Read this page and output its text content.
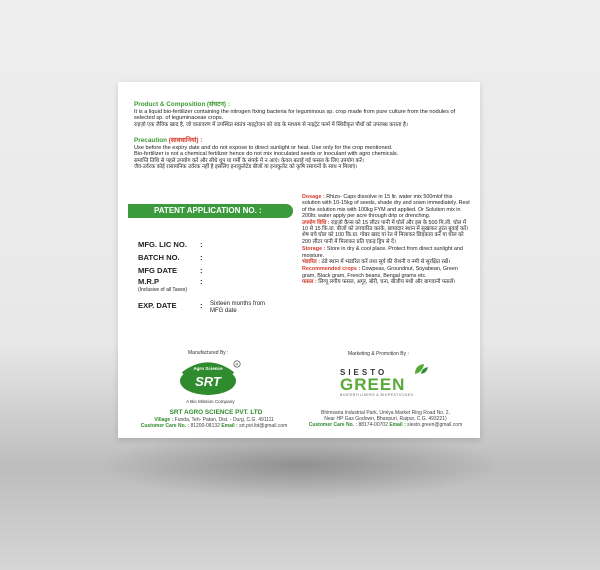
Product & Composition (संघटन) :

It is a liquid bio-fertilizer containing the nitrogen fixing bacteria for leguminous sp. crop made from pure culture from the nodules of selected sp. of leguminaceae crops.

राइज़ो एक जैविक खाद है, जो वातावरण में उपस्थित स्वतंत्र नाइट्रोजन को जड़ के माध्यम से नाइट्रेट फार्म में स्थिरीकृत पौधों को उपलब्ध कराता है।

Precaution (सावधानियां) :

Use before the expiry date and do not expose to direct sunlight or heat. Use only for the crop mentioned.

Bio-fertilizer is not a chemical fertilizer hence do not mix inoculated seeds or inoculant with agro chemicals.

समाप्ति तिथि से पहले उपयोग करें और सीधे धूप या गर्मी के संपर्क में न आएं। केवल बताई गई फसल के लिए उपयोग करें।

जैव-उर्वरक कोई रासायनिक उर्वरक नहीं है इसलिए इनाकुलेटेड बीजों या इनाकुलेंट को कृषि रसायनों के साथ न मिलाएं।

PATENT APPLICATION NO. :
MFG. LIC NO.	:
BATCH NO.	:
MFG DATE	:
M.R.P
(Inclusive of all Taxes)
:
EXP. DATE	:	Sixteen months from MFG date

Dosage : Rhizo- Caps dissolve in 15 ltr. water mix 500mlof this solution with 10-15kg of seeds, shade dry and sown immediately. Rest of the solution mix with 100kg FYM and applied. Or Solution mix in 200ltr. water apply per acre through drip or drenching.

उपयोग विधि : राइज़ो कैप्स को 15 लीटर पानी में घोलें और इस के 500 मि.ली. घोल में 10 से 15 कि.ग्रा. बीजों को उपचारित करके, छायादार स्थान में सुखाकर तुरंत बुवाई करें। शेष बचे घोल को 100 कि.ग्रा. गोबर खाद या रेत में मिलाकर छिड़काव करें या घोल को 200 लीटर पानी में मिलाकर प्रति एकड़ ड्रिप से दें।

Storage : Store in dry & cool place. Protect from direct sunlight and moisture.

भंडारित : ठंडे स्थान में भंडारित करें तथा सूर्य की रोशनी व नमी से सुरक्षित रखें।

Recommended crops : Cowpeas, Groundnut, Soyabean, Green gram, Black gram, French beans, Bengal grams etc.

फसल : लिग्यू लगीय फसल, अगूर, बोरी, चना, बीजीय मंथी और बागवानी फसलें।

Manufactured By :
Agro Science
SRT
R
A Bio Mission Company
SRT AGRO SCIENCE PVT. LTD
Village : Funda, Teh- Patan, Dist. - Durg, C.G. 491111
Customer Care No. : 81200-08132 Email : srt.pvt.ltd@gmail.com
Marketing & Promotion By :
SIESTO
GREEN
BIOFERTILISERS & BIOPESTICIDES
Bhimsaria Industrial Park, Umiya Market Ring Road No. 2,
Near HP Gas Godown, Bhanpuri, Raipur, C.G. 493221)
Customer Care No. : 88174-00702 Email : siesto.green@gmail.com
